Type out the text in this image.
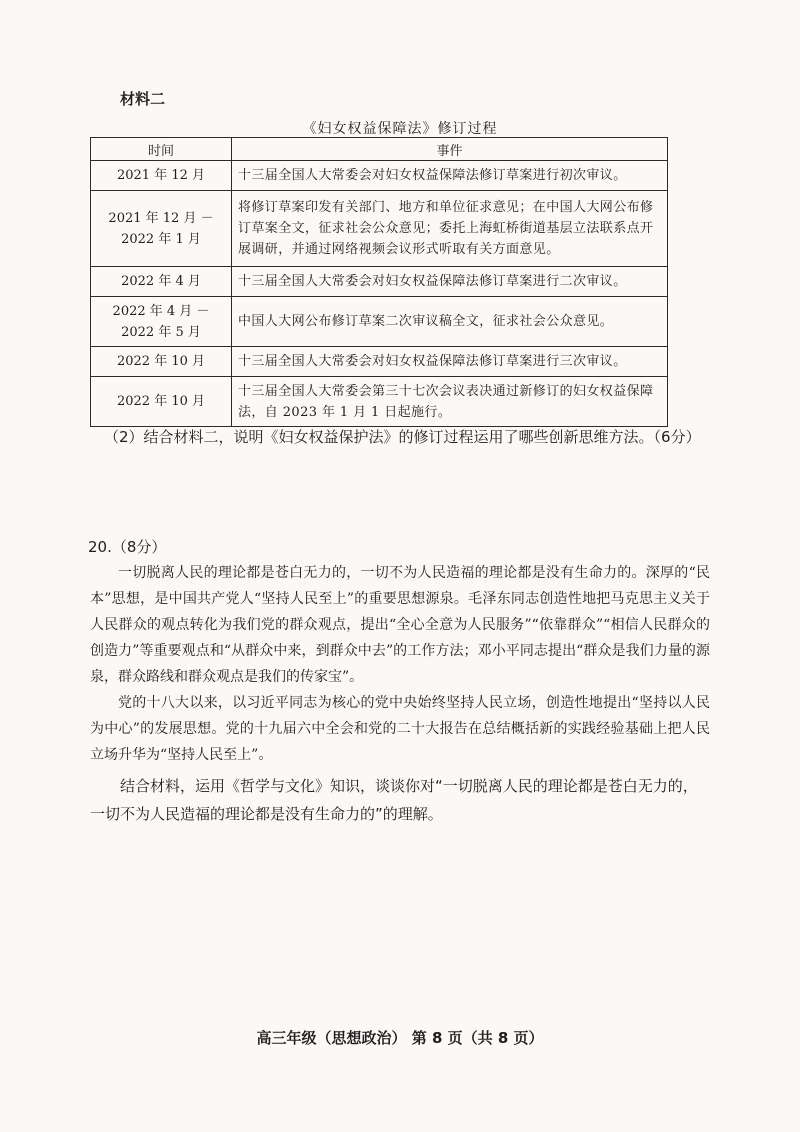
材料二
《妇女权益保障法》修订过程
时间	事件
2021 年 12 月	十三届全国人大常委会对妇女权益保障法修订草案进行初次审议。
2021 年 12 月 － 2022 年 1 月	将修订草案印发有关部门、地方和单位征求意见；在中国人大网公布修订草案全文，征求社会公众意见；委托上海虹桥街道基层立法联系点开展调研，并通过网络视频会议形式听取有关方面意见。
2022 年 4 月	十三届全国人大常委会对妇女权益保障法修订草案进行二次审议。
2022 年 4 月 － 2022 年 5 月	中国人大网公布修订草案二次审议稿全文，征求社会公众意见。
2022 年 10 月	十三届全国人大常委会对妇女权益保障法修订草案进行三次审议。
2022 年 10 月	十三届全国人大常委会第三十七次会议表决通过新修订的妇女权益保障法，自 2023 年 1 月 1 日起施行。
（2）结合材料二，说明《妇女权益保护法》的修订过程运用了哪些创新思维方法。（6分）
20.（8分）

一切脱离人民的理论都是苍白无力的，一切不为人民造福的理论都是没有生命力的。深厚的“民本”思想，是中国共产党人“坚持人民至上”的重要思想源泉。毛泽东同志创造性地把马克思主义关于人民群众的观点转化为我们党的群众观点，提出“全心全意为人民服务”“依靠群众”“相信人民群众的创造力”等重要观点和“从群众中来，到群众中去”的工作方法；邓小平同志提出“群众是我们力量的源泉，群众路线和群众观点是我们的传家宝”。

党的十八大以来，以习近平同志为核心的党中央始终坚持人民立场，创造性地提出“坚持以人民为中心”的发展思想。党的十九届六中全会和党的二十大报告在总结概括新的实践经验基础上把人民立场升华为“坚持人民至上”。

结合材料，运用《哲学与文化》知识，谈谈你对“一切脱离人民的理论都是苍白无力的，一切不为人民造福的理论都是没有生命力的”的理解。
高三年级（思想政治） 第 8 页（共 8 页）
